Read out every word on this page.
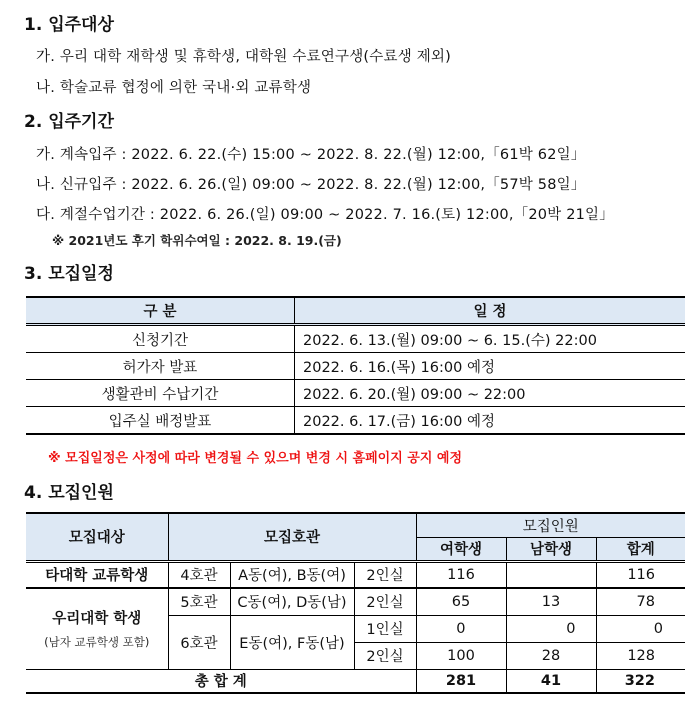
1. 입주대상
가. 우리 대학 재학생 및 휴학생, 대학원 수료연구생(수료생 제외)
나. 학술교류 협정에 의한 국내·외 교류학생
2. 입주기간
가. 계속입주 : 2022. 6. 22.(수) 15:00 ~ 2022. 8. 22.(월) 12:00,「61박 62일」
나. 신규입주 : 2022. 6. 26.(일) 09:00 ~ 2022. 8. 22.(월) 12:00,「57박 58일」
다. 계절수업기간 : 2022. 6. 26.(일) 09:00 ~ 2022. 7. 16.(토) 12:00,「20박 21일」
※ 2021년도 후기 학위수여일 : 2022. 8. 19.(금)
3. 모집일정
구 분	일 정
신청기간	2022. 6. 13.(월) 09:00 ~ 6. 15.(수) 22:00
허가자 발표	2022. 6. 16.(목) 16:00 예정
생활관비 수납기간	2022. 6. 20.(월) 09:00 ~ 22:00
입주실 배정발표	2022. 6. 17.(금) 16:00 예정
※ 모집일정은 사정에 따라 변경될 수 있으며 변경 시 홈페이지 공지 예정
4. 모집인원
모집대상	모집호관			모집인원		
				여학생	남학생	합계
타대학 교류학생	4호관	A동(여), B동(여)	2인실	116		116
우리대학 학생
(남자 교류학생 포함)	5호관	C동(여), D동(남)	2인실	65	13	78
	6호관	E동(여), F동(남)	1인실	0	0	0
			2인실	100	28	128
총 합 계				281	41	322
